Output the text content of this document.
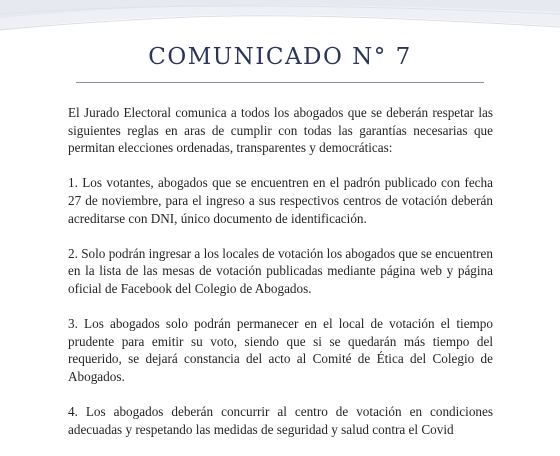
COMUNICADO N° 7

El Jurado Electoral comunica a todos los abogados que se deberán respetar las siguientes reglas en aras de cumplir con todas las garantías necesarias que permitan elecciones ordenadas, transparentes y democráticas:

1. Los votantes, abogados que se encuentren en el padrón publicado con fecha 27 de noviembre, para el ingreso a sus respectivos centros de votación deberán acreditarse con DNI, único documento de identificación.

2. Solo podrán ingresar a los locales de votación los abogados que se encuentren en la lista de las mesas de votación publicadas mediante página web y página oficial de Facebook del Colegio de Abogados.

3. Los abogados solo podrán permanecer en el local de votación el tiempo prudente para emitir su voto, siendo que si se quedarán más tiempo del requerido, se dejará constancia del acto al Comité de Ética del Colegio de Abogados.

4. Los abogados deberán concurrir al centro de votación en condiciones adecuadas y respetando las medidas de seguridad y salud contra el Covid
